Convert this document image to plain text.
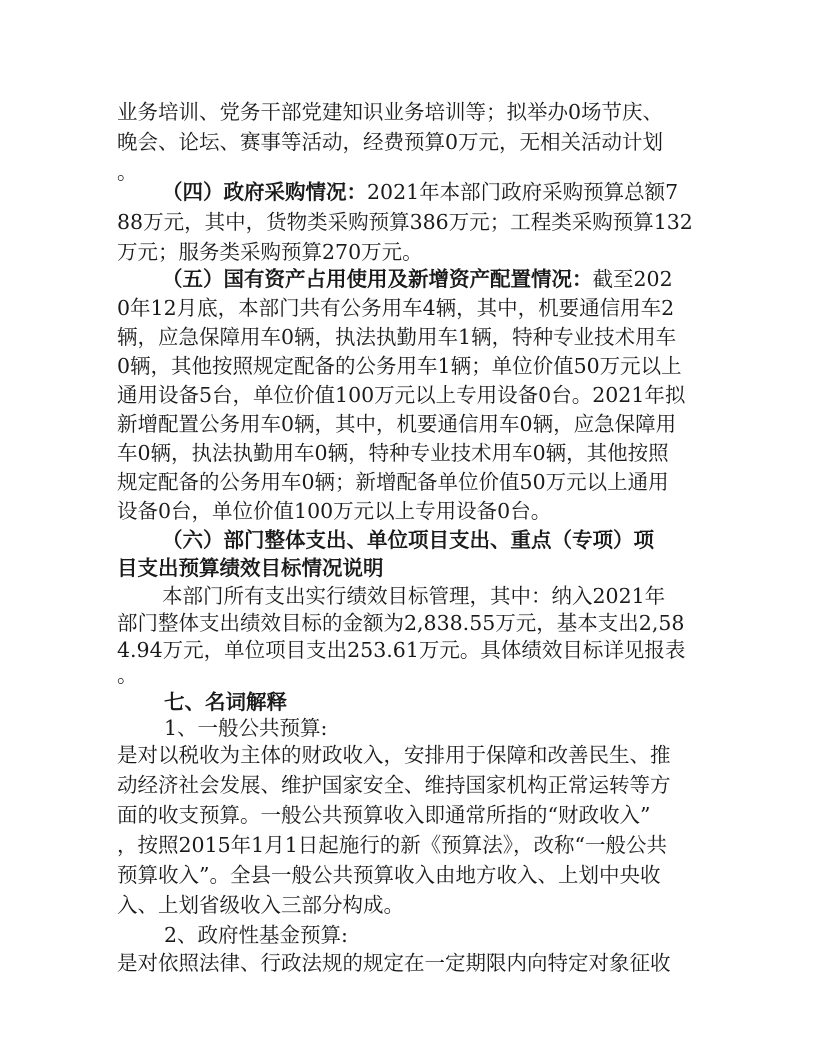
业务培训、党务干部党建知识业务培训等；拟举办0场节庆、
晚会、论坛、赛事等活动，经费预算0万元，无相关活动计划
。
（四）政府采购情况：2021年本部门政府采购预算总额7
88万元，其中，货物类采购预算386万元；工程类采购预算132
万元；服务类采购预算270万元。
（五）国有资产占用使用及新增资产配置情况：截至202
0年12月底，本部门共有公务用车4辆，其中，机要通信用车2
辆，应急保障用车0辆，执法执勤用车1辆，特种专业技术用车
0辆，其他按照规定配备的公务用车1辆；单位价值50万元以上
通用设备5台，单位价值100万元以上专用设备0台。2021年拟
新增配置公务用车0辆，其中，机要通信用车0辆，应急保障用
车0辆，执法执勤用车0辆，特种专业技术用车0辆，其他按照
规定配备的公务用车0辆；新增配备单位价值50万元以上通用
设备0台，单位价值100万元以上专用设备0台。
（六）部门整体支出、单位项目支出、重点（专项）项
目支出预算绩效目标情况说明
本部门所有支出实行绩效目标管理，其中：纳入2021年
部门整体支出绩效目标的金额为2,838.55万元，基本支出2,58
4.94万元，单位项目支出253.61万元。具体绩效目标详见报表
。
七、名词解释
1、一般公共预算:
是对以税收为主体的财政收入，安排用于保障和改善民生、推
动经济社会发展、维护国家安全、维持国家机构正常运转等方
面的收支预算。一般公共预算收入即通常所指的“财政收入”
，按照2015年1月1日起施行的新《预算法》，改称“一般公共
预算收入”。全县一般公共预算收入由地方收入、上划中央收
入、上划省级收入三部分构成。
2、政府性基金预算:
是对依照法律、行政法规的规定在一定期限内向特定对象征收
